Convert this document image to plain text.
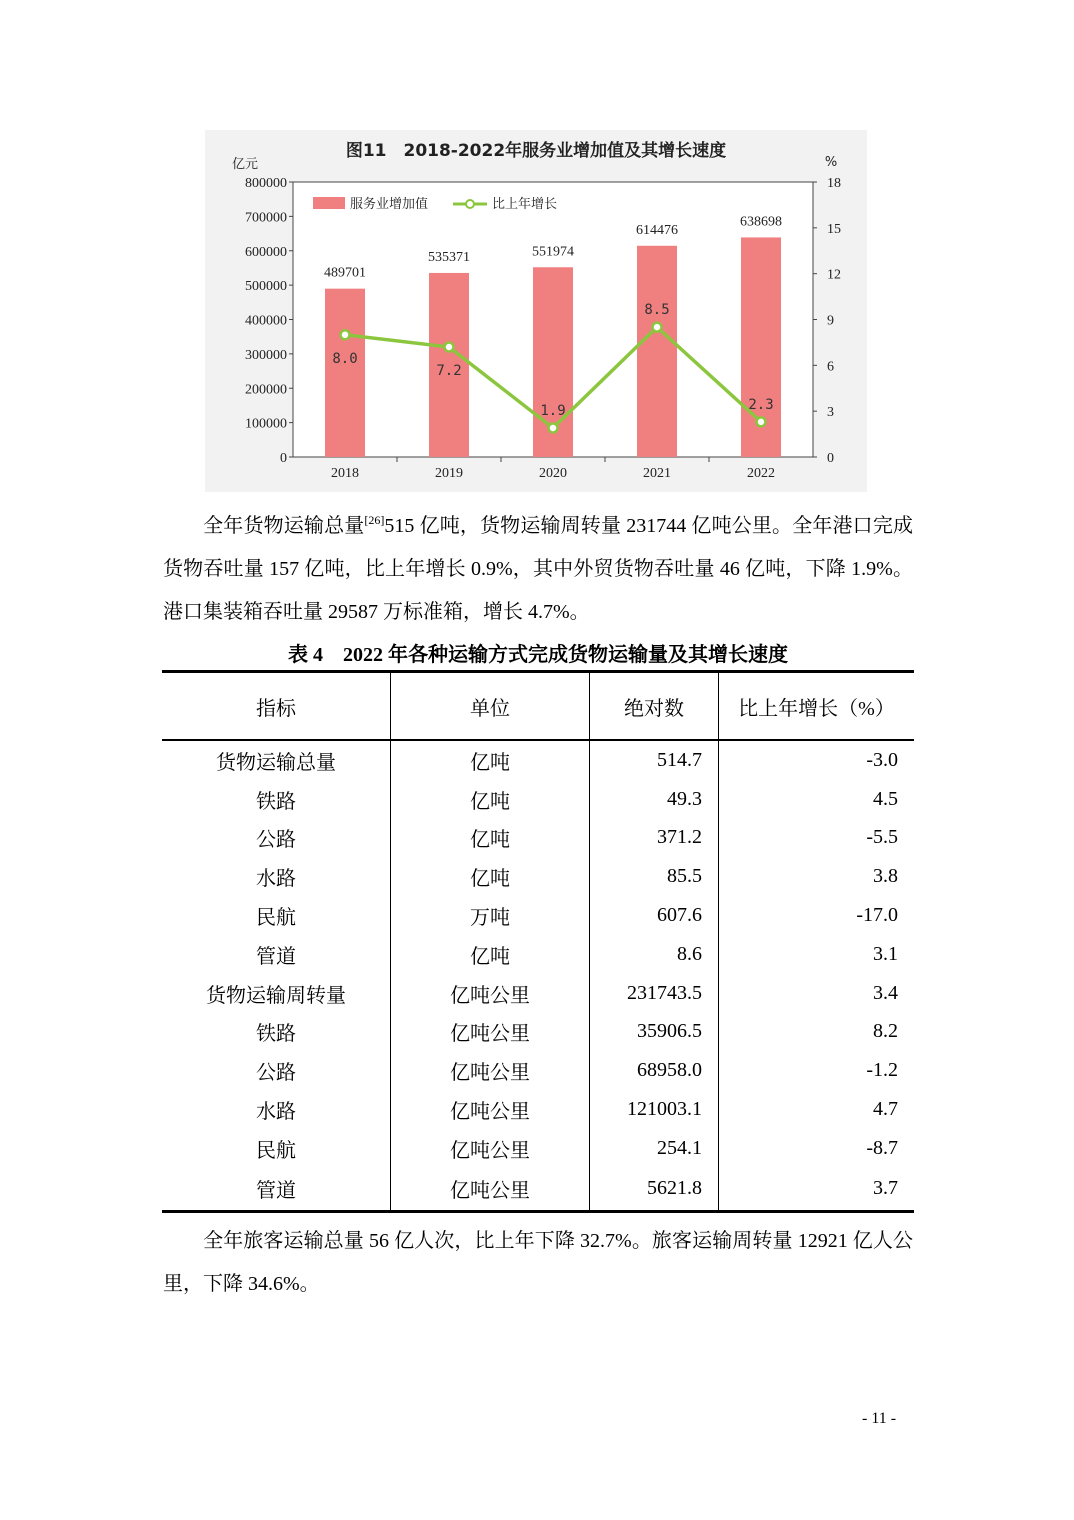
图11　2018-2022年服务业增加值及其增长速度
亿元	%
0
100000
200000
300000
400000
500000
600000
700000
800000
0
3
6
9
12
15
18
489701
2018
535371
2019
551974
2020
614476
2021
638698
2022
8.0
7.2
1.9
8.5
2.3
服务业增加值	比上年增长
全年货物运输总量[26]515 亿吨，货物运输周转量 231744 亿吨公里。全年港口完成货物吞吐量 157 亿吨，比上年增长 0.9%，其中外贸货物吞吐量 46 亿吨，下降 1.9%。港口集装箱吞吐量 29587 万标准箱，增长 4.7%。
表 4　2022 年各种运输方式完成货物运输量及其增长速度
指标	单位	绝对数	比上年增长（%）
货物运输总量	亿吨	514.7	-3.0
铁路	亿吨	49.3	4.5
公路	亿吨	371.2	-5.5
水路	亿吨	85.5	3.8
民航	万吨	607.6	-17.0
管道	亿吨	8.6	3.1
货物运输周转量	亿吨公里	231743.5	3.4
铁路	亿吨公里	35906.5	8.2
公路	亿吨公里	68958.0	-1.2
水路	亿吨公里	121003.1	4.7
民航	亿吨公里	254.1	-8.7
管道	亿吨公里	5621.8	3.7
全年旅客运输总量 56 亿人次，比上年下降 32.7%。旅客运输周转量 12921 亿人公里，下降 34.6%。
- 11 -
